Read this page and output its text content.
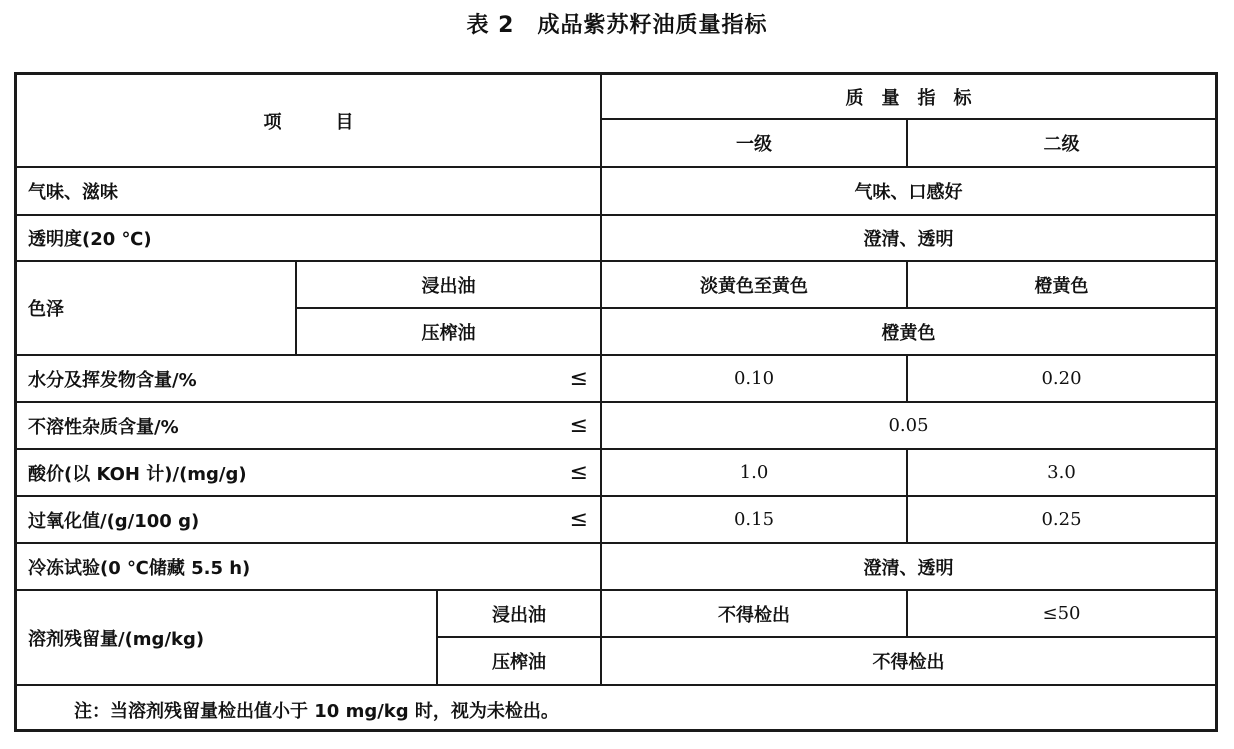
表 2　成品紫苏籽油质量指标
项　　　目
质　量　指　标
一级	二级
气味、滋味	气味、口感好
透明度(20 ℃)	澄清、透明
色泽
浸出油	淡黄色至黄色	橙黄色
压榨油	橙黄色
水分及挥发物含量/%	≤	0.10	0.20
不溶性杂质含量/%	≤	0.05
酸价(以 KOH 计)/(mg/g)	≤	1.0	3.0
过氧化值/(g/100 g)	≤	0.15	0.25
冷冻试验(0 ℃储藏 5.5 h)	澄清、透明
溶剂残留量/(mg/kg)
浸出油	不得检出	≤50
压榨油	不得检出
注：当溶剂残留量检出值小于 10 mg/kg 时，视为未检出。
